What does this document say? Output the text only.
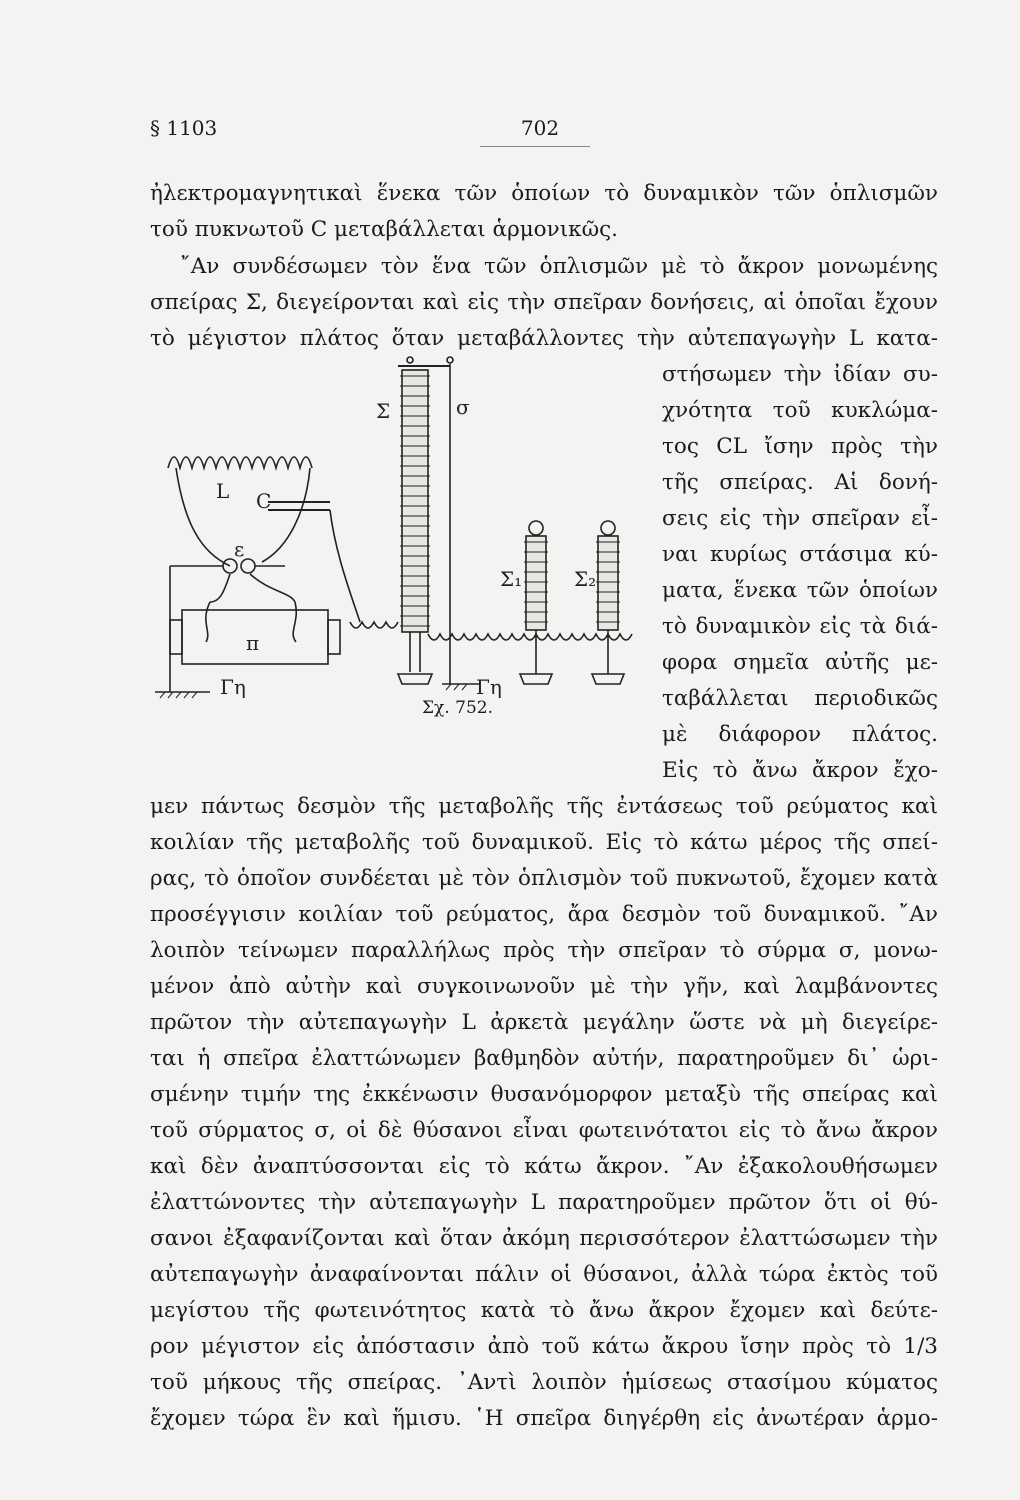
§ 1103	702
ἠλεκτρομαγνητικαὶ ἕνεκα τῶν ὁποίων τὸ δυναμικὸν τῶν ὁπλισμῶν
τοῦ πυκνωτοῦ C μεταβάλλεται ἁρμονικῶς.
῎Αν συνδέσωμεν τὸν ἕνα τῶν ὁπλισμῶν μὲ τὸ ἄκρον μονωμένης
σπείρας Σ, διεγείρονται καὶ εἰς τὴν σπεῖραν δονήσεις, αἱ ὁποῖαι ἔχουν
τὸ μέγιστον πλάτος ὅταν μεταβάλλοντες τὴν αὐτεπαγωγὴν L κατα-
στήσωμεν τὴν ἰδίαν συ-
χνότητα τοῦ κυκλώμα-
τος CL ἴσην πρὸς τὴν
τῆς σπείρας. Αἱ δονή-
σεις εἰς τὴν σπεῖραν εἶ-
ναι κυρίως στάσιμα κύ-
ματα, ἕνεκα τῶν ὁποίων
τὸ δυναμικὸν εἰς τὰ διά-
φορα σημεῖα αὐτῆς με-
ταβάλλεται περιοδικῶς
μὲ διάφορον πλάτος.
Εἰς τὸ ἄνω ἄκρον ἔχο-
Σ	σ
L C
ε
π
Γη	Γη
Σ₁	Σ₂
Σχ. 752.
μεν πάντως δεσμὸν τῆς μεταβολῆς τῆς ἐντάσεως τοῦ ρεύματος καὶ
κοιλίαν τῆς μεταβολῆς τοῦ δυναμικοῦ. Εἰς τὸ κάτω μέρος τῆς σπεί-
ρας, τὸ ὁποῖον συνδέεται μὲ τὸν ὁπλισμὸν τοῦ πυκνωτοῦ, ἔχομεν κατὰ
προσέγγισιν κοιλίαν τοῦ ρεύματος, ἄρα δεσμὸν τοῦ δυναμικοῦ. ῎Αν
λοιπὸν τείνωμεν παραλλήλως πρὸς τὴν σπεῖραν τὸ σύρμα σ, μονω-
μένον ἀπὸ αὐτὴν καὶ συγκοινωνοῦν μὲ τὴν γῆν, καὶ λαμβάνοντες
πρῶτον τὴν αὐτεπαγωγὴν L ἀρκετὰ μεγάλην ὥστε νὰ μὴ διεγείρε-
ται ἡ σπεῖρα ἐλαττώνωμεν βαθμηδὸν αὐτήν, παρατηροῦμεν δι᾽ ὡρι-
σμένην τιμήν της ἐκκένωσιν θυσανόμορφον μεταξὺ τῆς σπείρας καὶ
τοῦ σύρματος σ, οἱ δὲ θύσανοι εἶναι φωτεινότατοι εἰς τὸ ἄνω ἄκρον
καὶ δὲν ἀναπτύσσονται εἰς τὸ κάτω ἄκρον. ῎Αν ἐξακολουθήσωμεν
ἐλαττώνοντες τὴν αὐτεπαγωγὴν L παρατηροῦμεν πρῶτον ὅτι οἱ θύ-
σανοι ἐξαφανίζονται καὶ ὅταν ἀκόμη περισσότερον ἐλαττώσωμεν τὴν
αὐτεπαγωγὴν ἀναφαίνονται πάλιν οἱ θύσανοι, ἀλλὰ τώρα ἐκτὸς τοῦ
μεγίστου τῆς φωτεινότητος κατὰ τὸ ἄνω ἄκρον ἔχομεν καὶ δεύτε-
ρον μέγιστον εἰς ἀπόστασιν ἀπὸ τοῦ κάτω ἄκρου ἴσην πρὸς τὸ 1/3
τοῦ μήκους τῆς σπείρας. ᾽Αντὶ λοιπὸν ἡμίσεως στασίμου κύματος
ἔχομεν τώρα ἓν καὶ ἥμισυ. ῾Η σπεῖρα διηγέρθη εἰς ἀνωτέραν ἁρμο-
